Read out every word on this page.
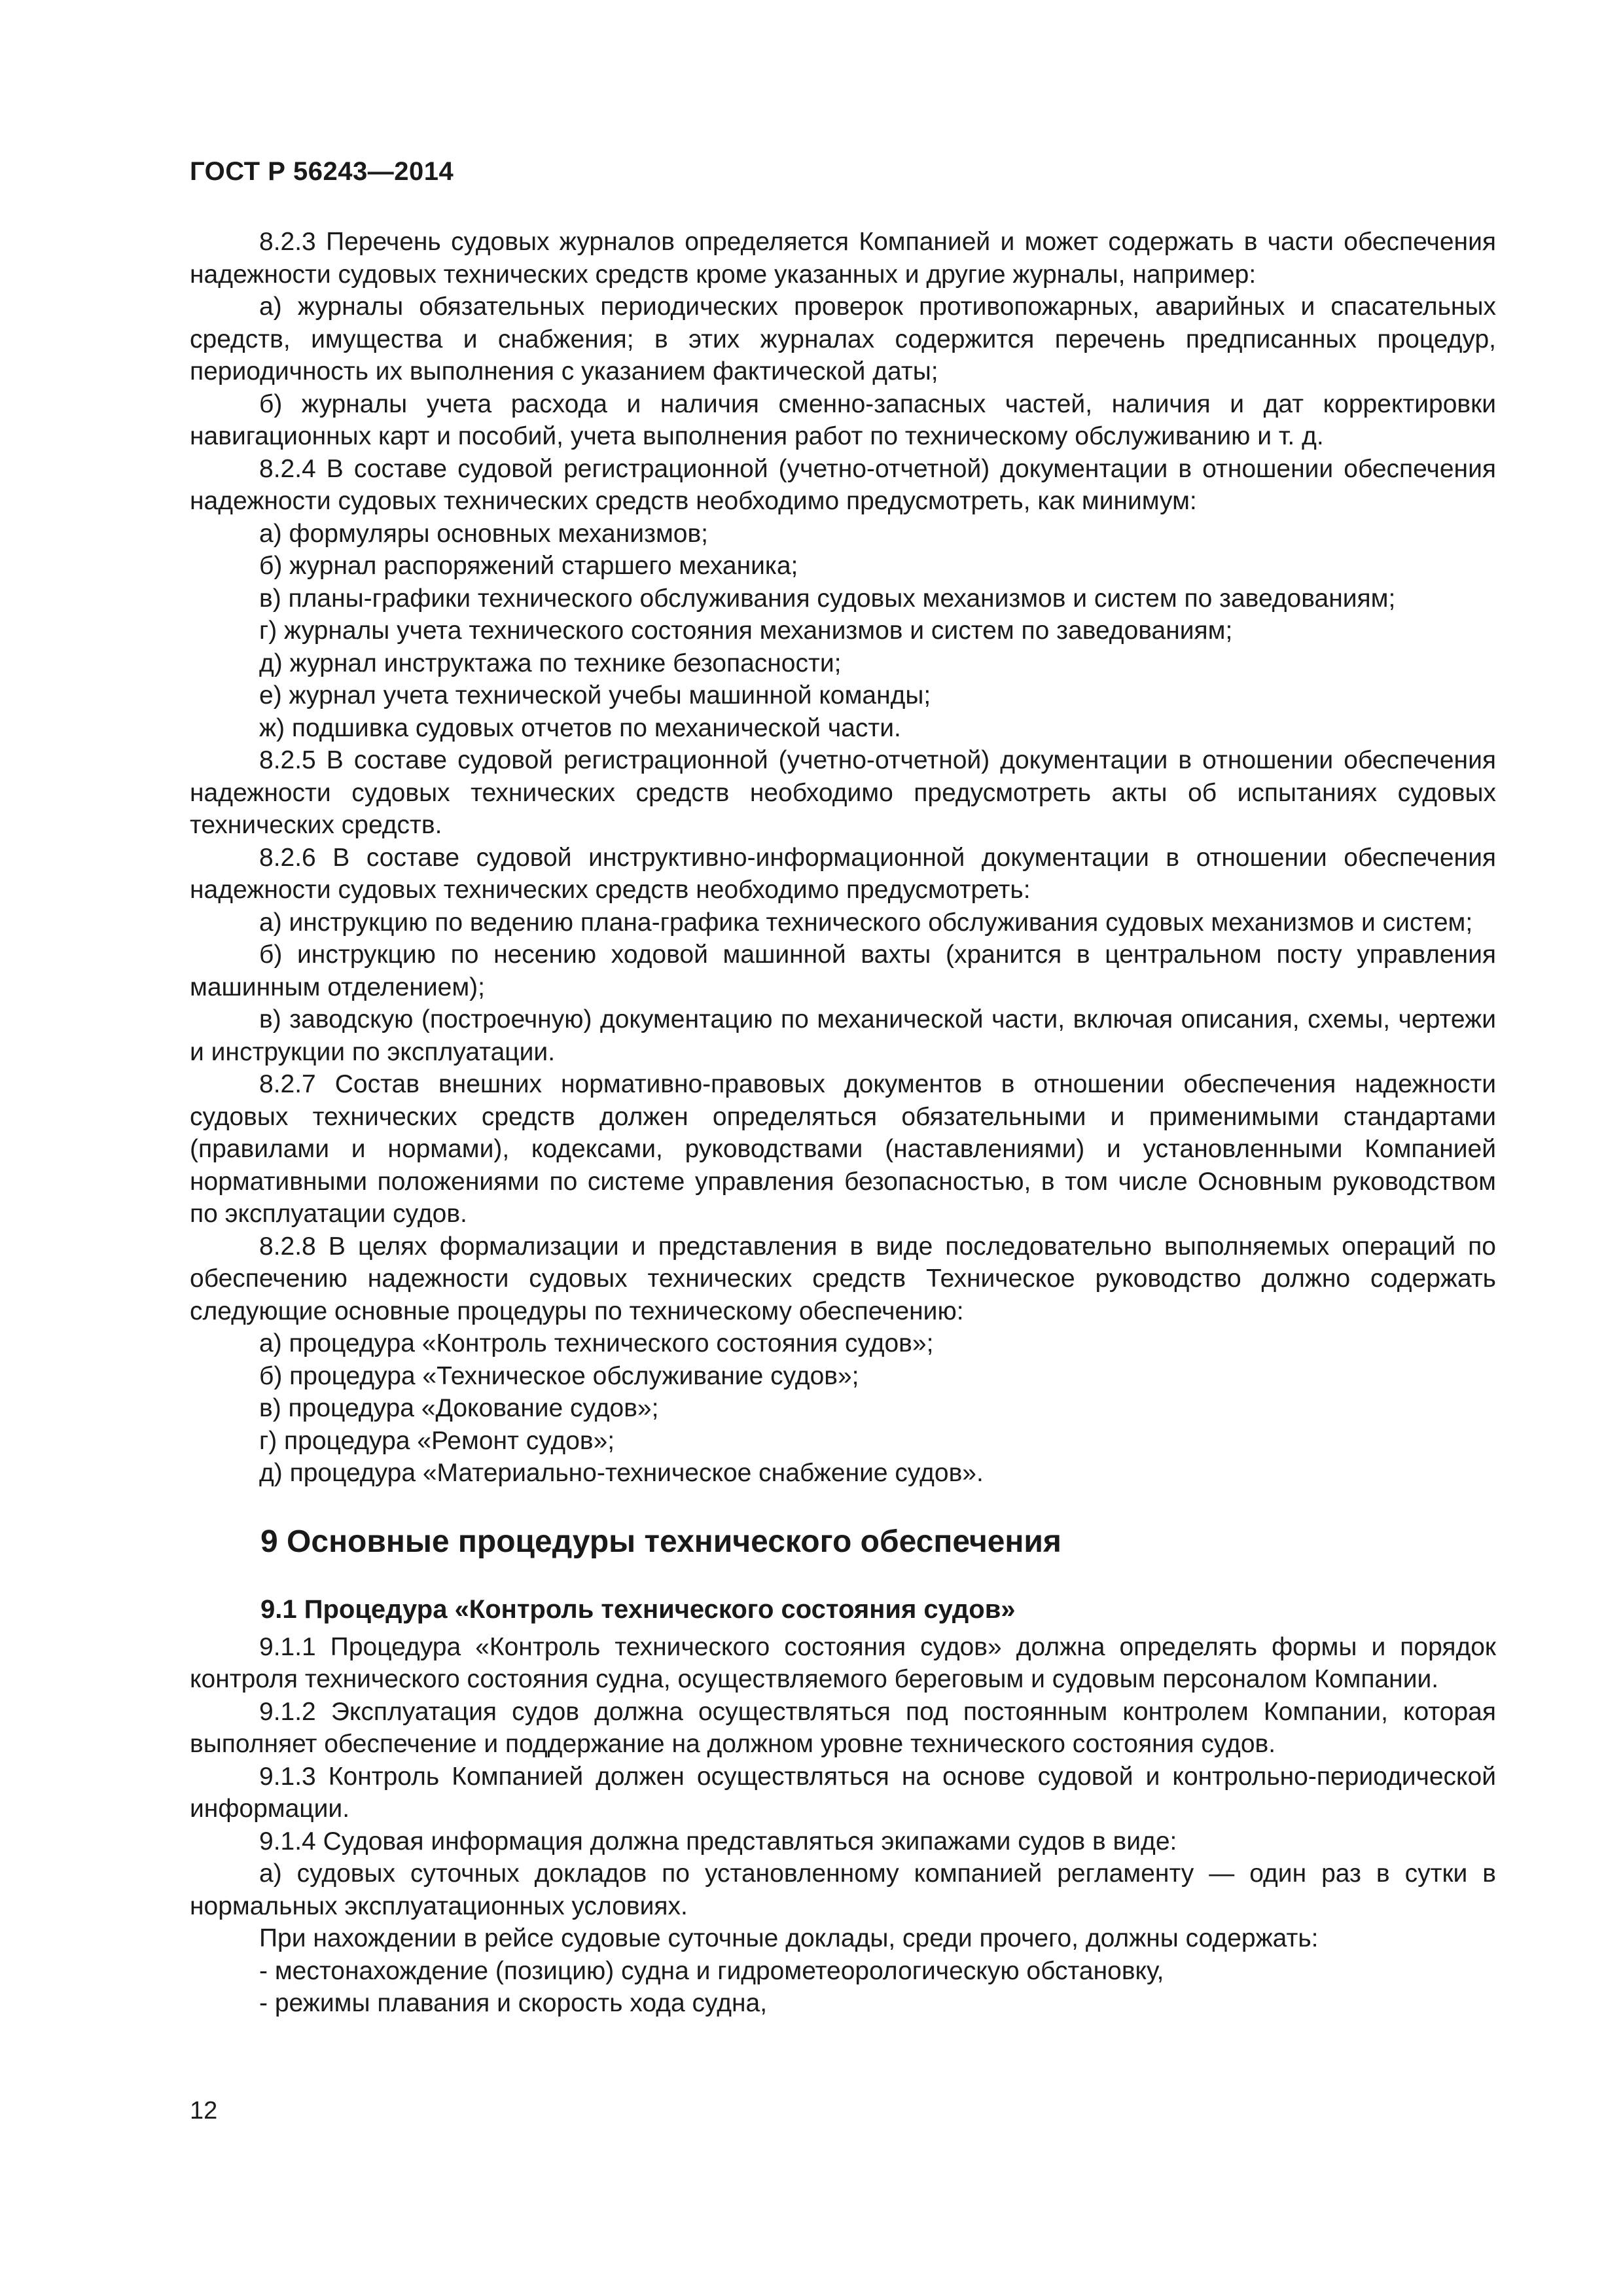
ГОСТ Р 56243—2014

8.2.3 Перечень судовых журналов определяется Компанией и может содержать в части обеспечения надежности судовых технических средств кроме указанных и другие журналы, например:

а) журналы обязательных периодических проверок противопожарных, аварийных и спасательных средств, имущества и снабжения; в этих журналах содержится перечень предписанных процедур, периодичность их выполнения с указанием фактической даты;

б) журналы учета расхода и наличия сменно-запасных частей, наличия и дат корректировки навигационных карт и пособий, учета выполнения работ по техническому обслуживанию и т. д.

8.2.4 В составе судовой регистрационной (учетно-отчетной) документации в отношении обеспечения надежности судовых технических средств необходимо предусмотреть, как минимум:

а) формуляры основных механизмов;

б) журнал распоряжений старшего механика;

в) планы-графики технического обслуживания судовых механизмов и систем по заведованиям;

г) журналы учета технического состояния механизмов и систем по заведованиям;

д) журнал инструктажа по технике безопасности;

е) журнал учета технической учебы машинной команды;

ж) подшивка судовых отчетов по механической части.

8.2.5 В составе судовой регистрационной (учетно-отчетной) документации в отношении обеспечения надежности судовых технических средств необходимо предусмотреть акты об испытаниях судовых технических средств.

8.2.6 В составе судовой инструктивно-информационной документации в отношении обеспечения надежности судовых технических средств необходимо предусмотреть:

а) инструкцию по ведению плана-графика технического обслуживания судовых механизмов и систем;

б) инструкцию по несению ходовой машинной вахты (хранится в центральном посту управления машинным отделением);

в) заводскую (построечную) документацию по механической части, включая описания, схемы, чертежи и инструкции по эксплуатации.

8.2.7 Состав внешних нормативно-правовых документов в отношении обеспечения надежности судовых технических средств должен определяться обязательными и применимыми стандартами (правилами и нормами), кодексами, руководствами (наставлениями) и установленными Компанией нормативными положениями по системе управления безопасностью, в том числе Основным руководством по эксплуатации судов.

8.2.8 В целях формализации и представления в виде последовательно выполняемых операций по обеспечению надежности судовых технических средств Техническое руководство должно содержать следующие основные процедуры по техническому обеспечению:

а) процедура «Контроль технического состояния судов»;

б) процедура «Техническое обслуживание судов»;

в) процедура «Докование судов»;

г) процедура «Ремонт судов»;

д) процедура «Материально-техническое снабжение судов».

9 Основные процедуры технического обеспечения
9.1 Процедура «Контроль технического состояния судов»

9.1.1 Процедура «Контроль технического состояния судов» должна определять формы и порядок контроля технического состояния судна, осуществляемого береговым и судовым персоналом Компании.

9.1.2 Эксплуатация судов должна осуществляться под постоянным контролем Компании, которая выполняет обеспечение и поддержание на должном уровне технического состояния судов.

9.1.3 Контроль Компанией должен осуществляться на основе судовой и контрольно-периодической информации.

9.1.4 Судовая информация должна представляться экипажами судов в виде:

а) судовых суточных докладов по установленному компанией регламенту — один раз в сутки в нормальных эксплуатационных условиях.

При нахождении в рейсе судовые суточные доклады, среди прочего, должны содержать:

- местонахождение (позицию) судна и гидрометеорологическую обстановку,

- режимы плавания и скорость хода судна,

12
